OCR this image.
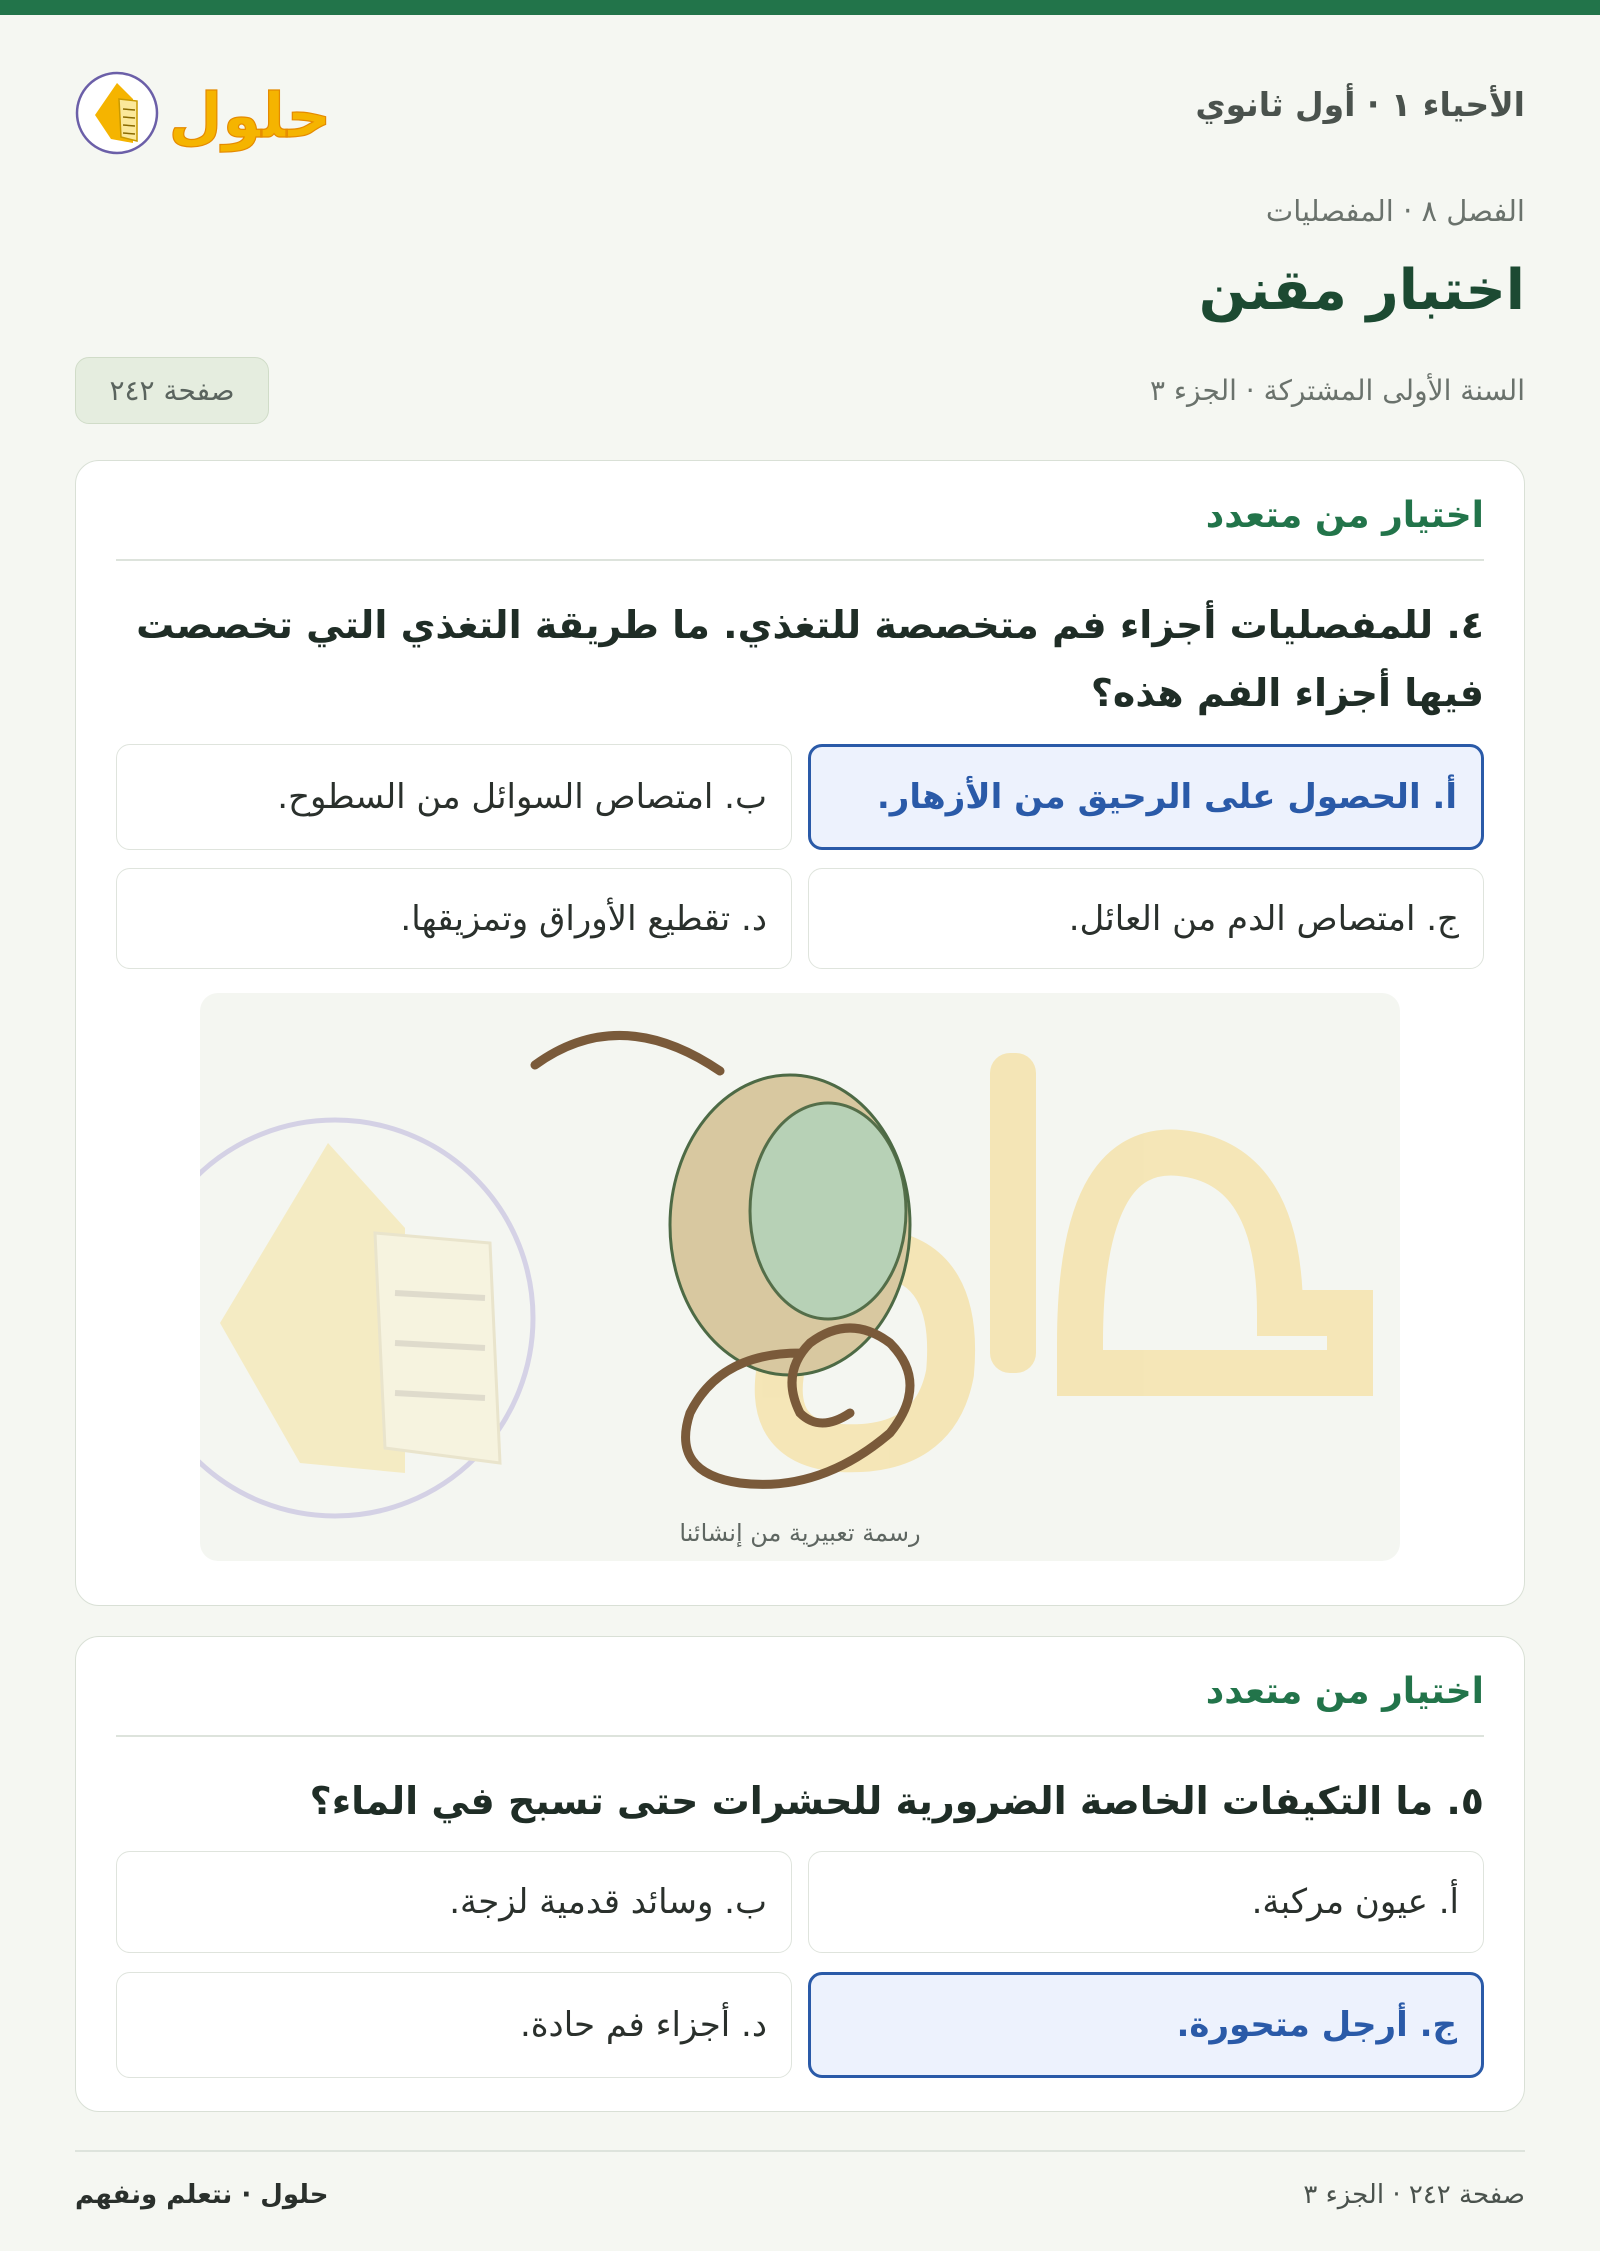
حلول	الأحياء ١ · أول ثانوي
الفصل ٨ · المفصليات
اختبار مقنن
السنة الأولى المشتركة · الجزء ٣
صفحة ٢٤٢
اختيار من متعدد
٤. للمفصليات أجزاء فم متخصصة للتغذي. ما طريقة التغذي التي تخصصت فيها أجزاء الفم هذه؟
أ. الحصول على الرحيق من الأزهار.
ب. امتصاص السوائل من السطوح.
ج. امتصاص الدم من العائل.
د. تقطيع الأوراق وتمزيقها.
رسمة تعبيرية من إنشائنا
اختيار من متعدد
٥. ما التكيفات الخاصة الضرورية للحشرات حتى تسبح في الماء؟
أ. عيون مركبة.
ب. وسائد قدمية لزجة.
ج. أرجل متحورة.
د. أجزاء فم حادة.
صفحة ٢٤٢ · الجزء ٣
حلول · نتعلم ونفهم
